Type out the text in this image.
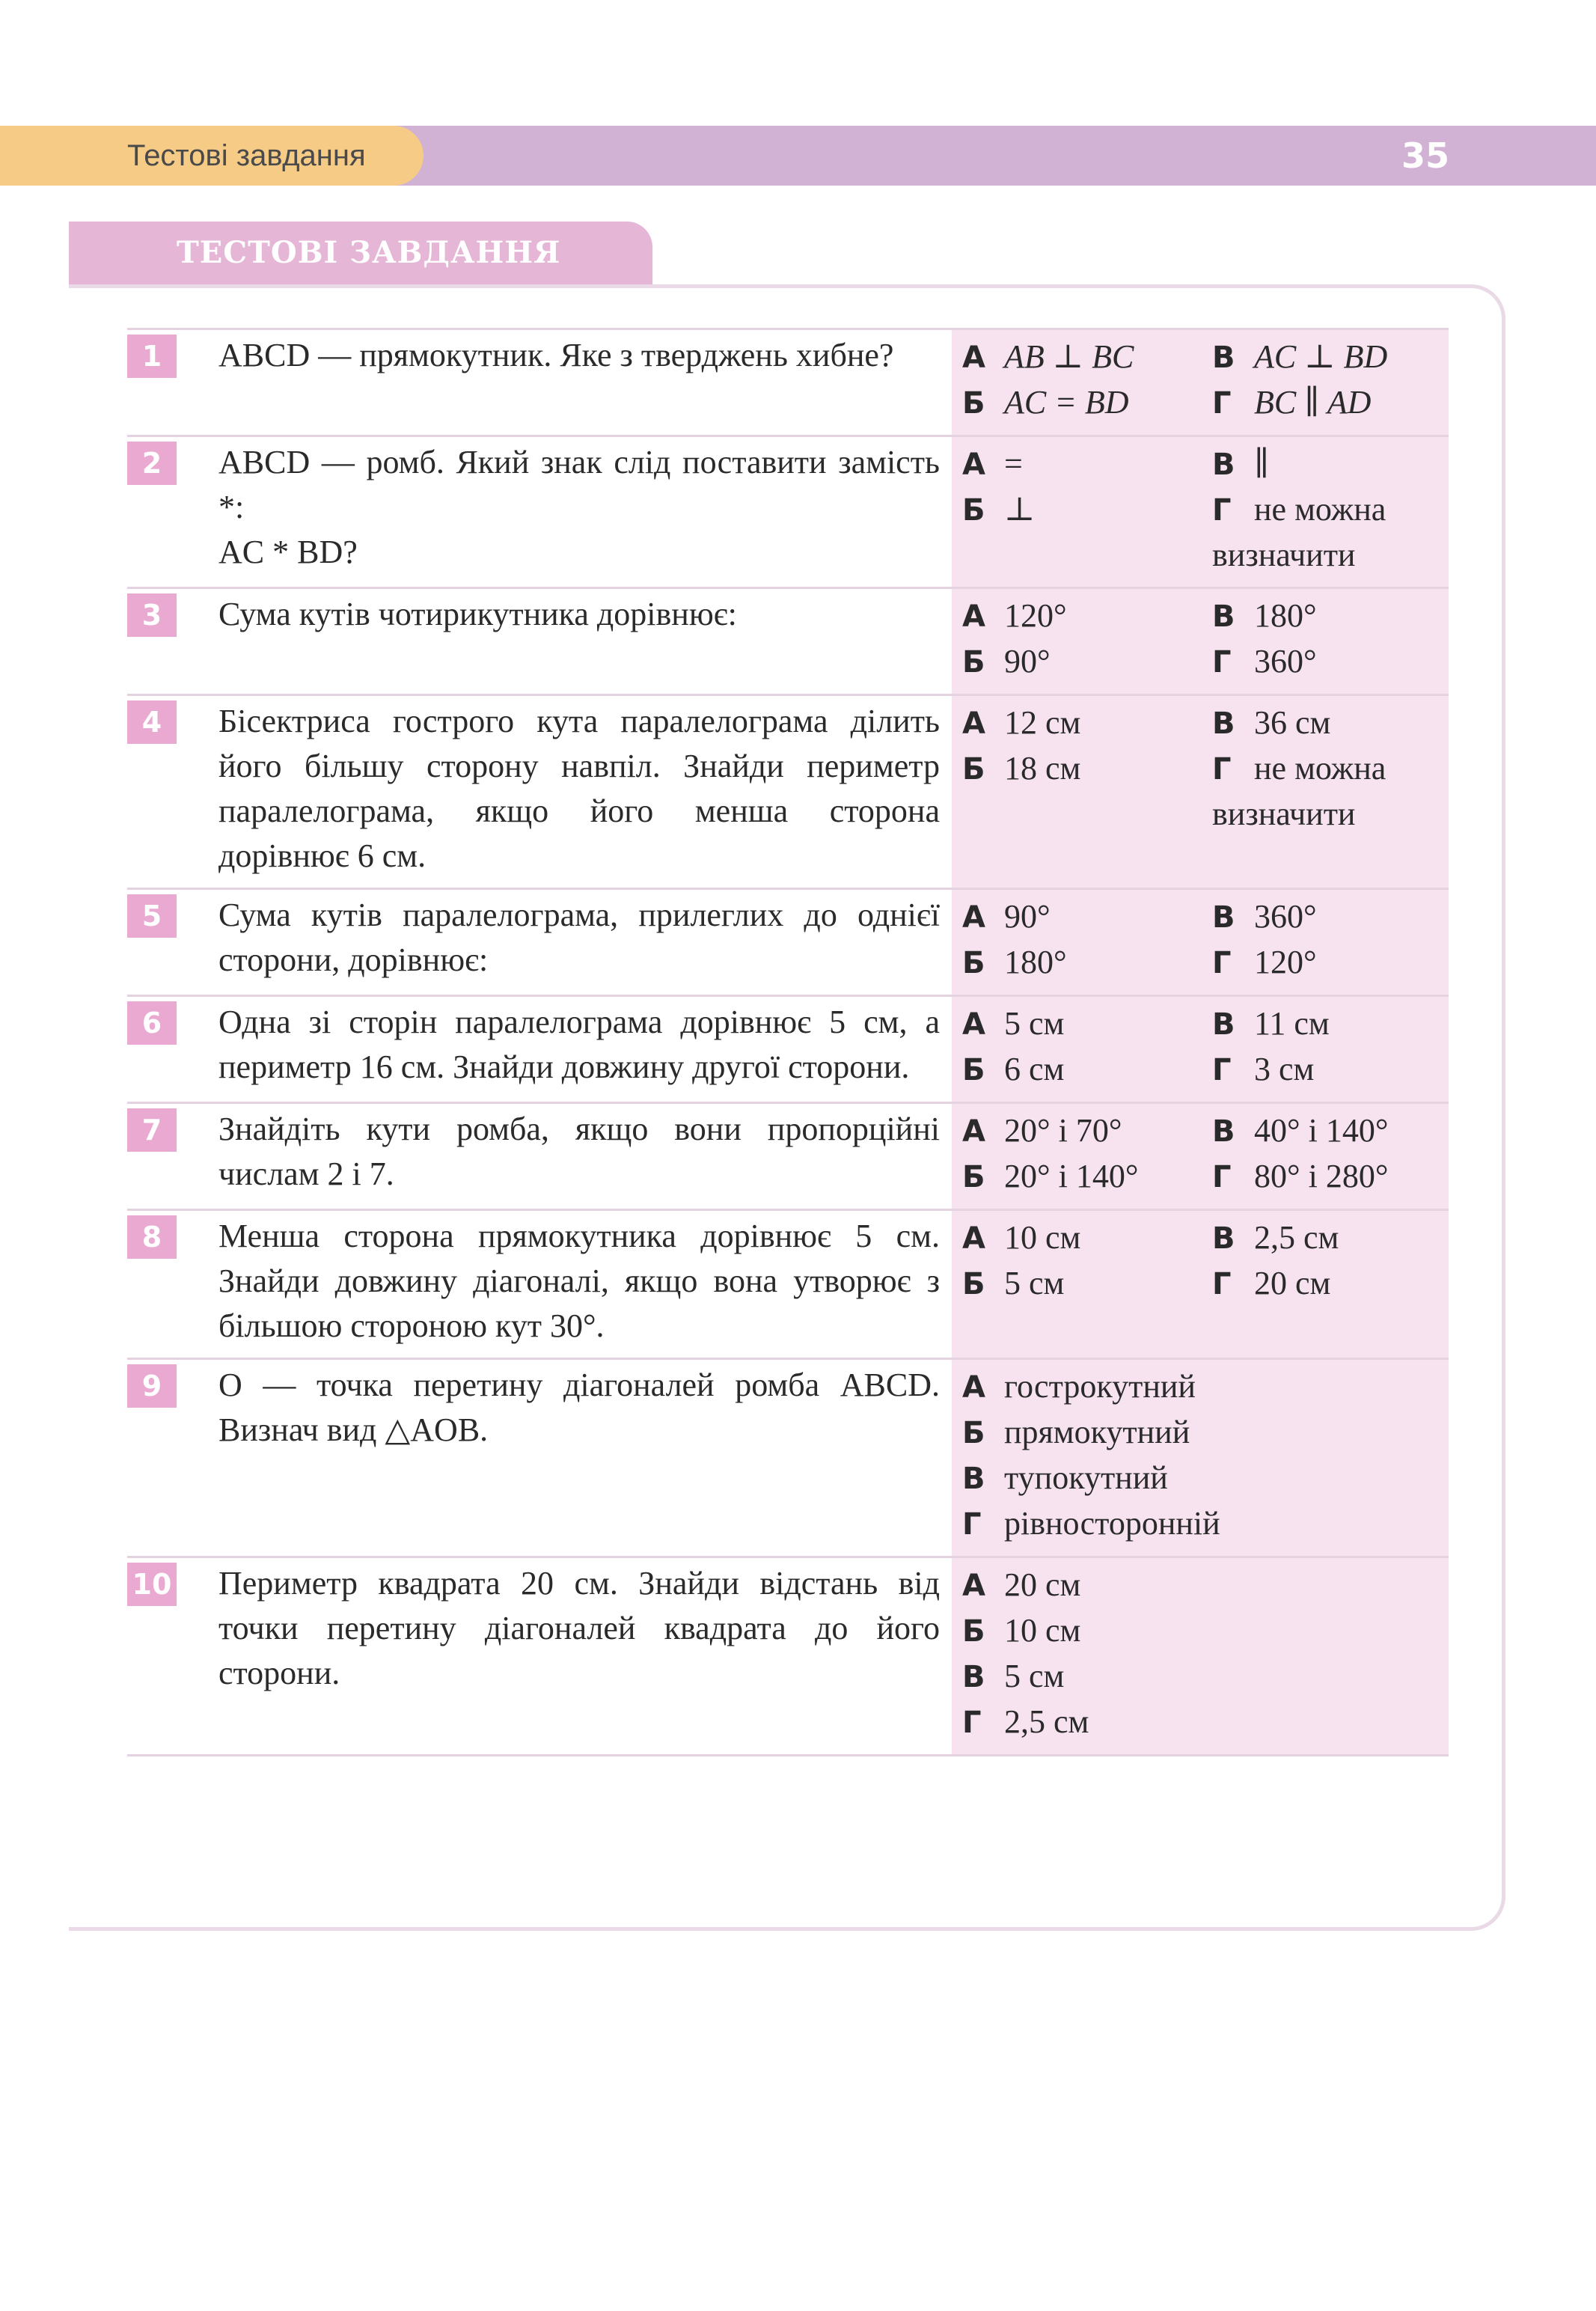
Тестові завдання	35
ТЕСТОВІ ЗАВДАННЯ
1	ABCD — прямокутник. Яке з тверджень хибне?	А AB ⊥ BC	В AC ⊥ BD
Б AC = BD	Г BC ∥ AD
2	ABCD — ромб. Який знак слід поставити замість *:
AC * BD?
А =	В ∥
Б ⊥	Г не можна
визначити
3	Сума кутів чотирикутника дорівнює:	А 120°	В 180°
Б 90°	Г 360°
4	Бісектриса гострого кута паралелограма ділить його більшу сторону навпіл. Знайди периметр паралелограма, якщо його менша сторона дорівнює 6 см.
А 12 см	В 36 см
Б 18 см	Г не можна
визначити
5	Сума кутів паралелограма, прилеглих до однієї сторони, дорівнює:
А 90°	В 360°
Б 180°	Г 120°
6	Одна зі сторін паралелограма дорівнює 5 см, а периметр 16 см. Знайди довжину другої сторони.
А 5 см	В 11 см
Б 6 см	Г 3 см
7	Знайдіть кути ромба, якщо вони пропорційні числам 2 і 7.
А 20° і 70°	В 40° і 140°
Б 20° і 140°	Г 80° і 280°
8	Менша сторона прямокутника дорівнює 5 см. Знайди довжину діагоналі, якщо вона утворює з більшою стороною кут 30°.
А 10 см	В 2,5 см
Б 5 см	Г 20 см
9	O — точка перетину діагоналей ромба ABCD. Визнач вид △AOB.
А гострокутний
Б прямокутний
В тупокутний
Г рівносторонній
10	Периметр квадрата 20 см. Знайди відстань від точки перетину діагоналей квадрата до його сторони.
А 20 см
Б 10 см
В 5 см
Г 2,5 см
